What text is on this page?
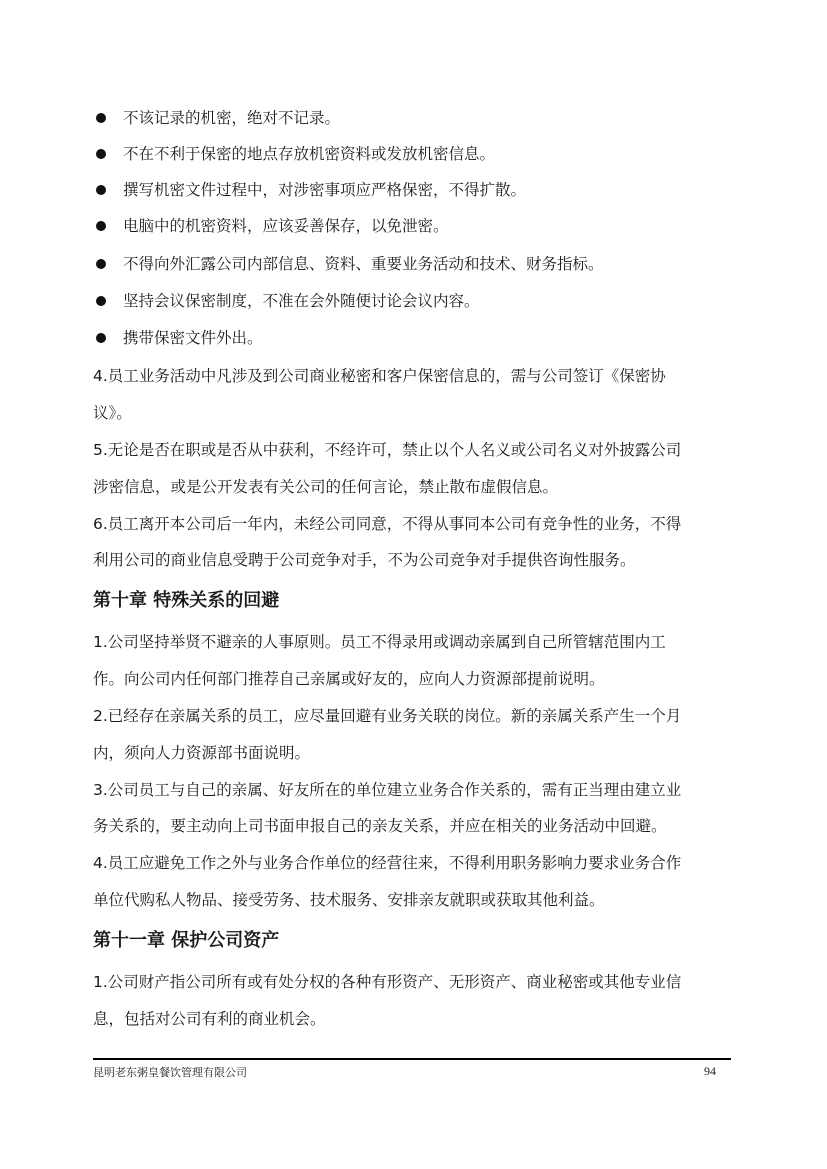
不该记录的机密，绝对不记录。
不在不利于保密的地点存放机密资料或发放机密信息。
撰写机密文件过程中，对涉密事项应严格保密，不得扩散。
电脑中的机密资料，应该妥善保存，以免泄密。
不得向外汇露公司内部信息、资料、重要业务活动和技术、财务指标。
坚持会议保密制度，不准在会外随便讨论会议内容。
携带保密文件外出。
4.员工业务活动中凡涉及到公司商业秘密和客户保密信息的，需与公司签订《保密协
议》。
5.无论是否在职或是否从中获利，不经许可，禁止以个人名义或公司名义对外披露公司
涉密信息，或是公开发表有关公司的任何言论，禁止散布虚假信息。
6.员工离开本公司后一年内，未经公司同意，不得从事同本公司有竞争性的业务，不得
利用公司的商业信息受聘于公司竞争对手，不为公司竞争对手提供咨询性服务。
第十章 特殊关系的回避
1.公司坚持举贤不避亲的人事原则。员工不得录用或调动亲属到自己所管辖范围内工
作。向公司内任何部门推荐自己亲属或好友的，应向人力资源部提前说明。
2.已经存在亲属关系的员工，应尽量回避有业务关联的岗位。新的亲属关系产生一个月
内，须向人力资源部书面说明。
3.公司员工与自己的亲属、好友所在的单位建立业务合作关系的，需有正当理由建立业
务关系的，要主动向上司书面申报自己的亲友关系，并应在相关的业务活动中回避。
4.员工应避免工作之外与业务合作单位的经营往来，不得利用职务影响力要求业务合作
单位代购私人物品、接受劳务、技术服务、安排亲友就职或获取其他利益。
第十一章 保护公司资产
1.公司财产指公司所有或有处分权的各种有形资产、无形资产、商业秘密或其他专业信
息，包括对公司有利的商业机会。
昆明老东粥皇餐饮管理有限公司	94
